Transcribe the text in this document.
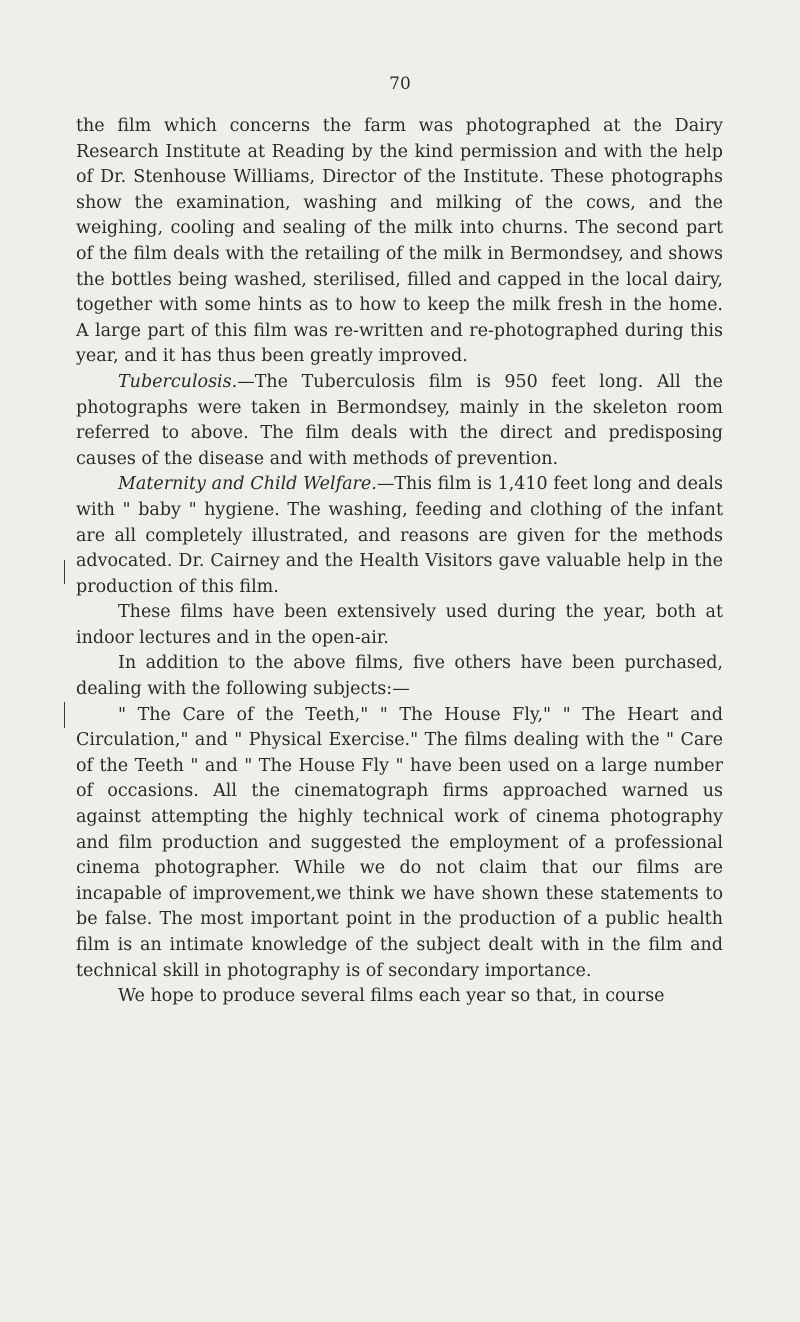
70

the film which concerns the farm was photographed at the Dairy Research Institute at Reading by the kind permission and with the help of Dr. Stenhouse Williams, Director of the Institute. These photographs show the examination, washing and milking of the cows, and the weighing, cooling and sealing of the milk into churns. The second part of the film deals with the retailing of the milk in Bermondsey, and shows the bottles being washed, sterilised, filled and capped in the local dairy, together with some hints as to how to keep the milk fresh in the home. A large part of this film was re-written and re-photographed during this year, and it has thus been greatly improved.

Tuberculosis.—The Tuberculosis film is 950 feet long. All the photographs were taken in Bermondsey, mainly in the skeleton room referred to above. The film deals with the direct and predisposing causes of the disease and with methods of prevention.

Maternity and Child Welfare.—This film is 1,410 feet long and deals with " baby " hygiene. The washing, feeding and clothing of the infant are all completely illustrated, and reasons are given for the methods advocated. Dr. Cairney and the Health Visitors gave valuable help in the production of this film.

These films have been extensively used during the year, both at indoor lectures and in the open-air.

In addition to the above films, five others have been purchased, dealing with the following subjects:—

" The Care of the Teeth," " The House Fly," " The Heart and Circulation," and " Physical Exercise." The films dealing with the " Care of the Teeth " and " The House Fly " have been used on a large number of occasions. All the cinematograph firms approached warned us against attempting the highly technical work of cinema photography and film production and suggested the employment of a professional cinema photographer. While we do not claim that our films are incapable of improvement,we think we have shown these statements to be false. The most important point in the production of a public health film is an intimate knowledge of the subject dealt with in the film and technical skill in photography is of secondary importance.

We hope to produce several films each year so that, in course
